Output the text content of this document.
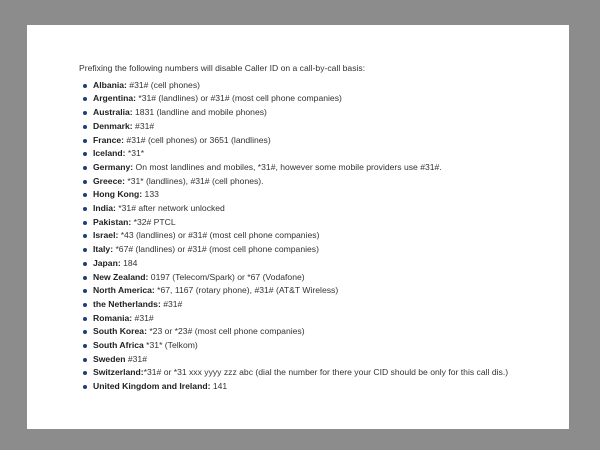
Prefixing the following numbers will disable Caller ID on a call-by-call basis:

Albania: #31# (cell phones)
Argentina: *31# (landlines) or #31# (most cell phone companies)
Australia: 1831 (landline and mobile phones)
Denmark: #31#
France: #31# (cell phones) or 3651 (landlines)
Iceland: *31*
Germany: On most landlines and mobiles, *31#, however some mobile providers use #31#.
Greece: *31* (landlines), #31# (cell phones).
Hong Kong: 133
India: *31# after network unlocked
Pakistan: *32# PTCL
Israel: *43 (landlines) or #31# (most cell phone companies)
Italy: *67# (landlines) or #31# (most cell phone companies)
Japan: 184
New Zealand: 0197 (Telecom/Spark) or *67 (Vodafone)
North America: *67, 1167 (rotary phone), #31# (AT&T Wireless)
the Netherlands: #31#
Romania: #31#
South Korea: *23 or *23# (most cell phone companies)
South Africa *31* (Telkom)
Sweden #31#
Switzerland:*31# or *31 xxx yyyy zzz abc (dial the number for there your CID should be only for this call dis.)
United Kingdom and Ireland: 141
